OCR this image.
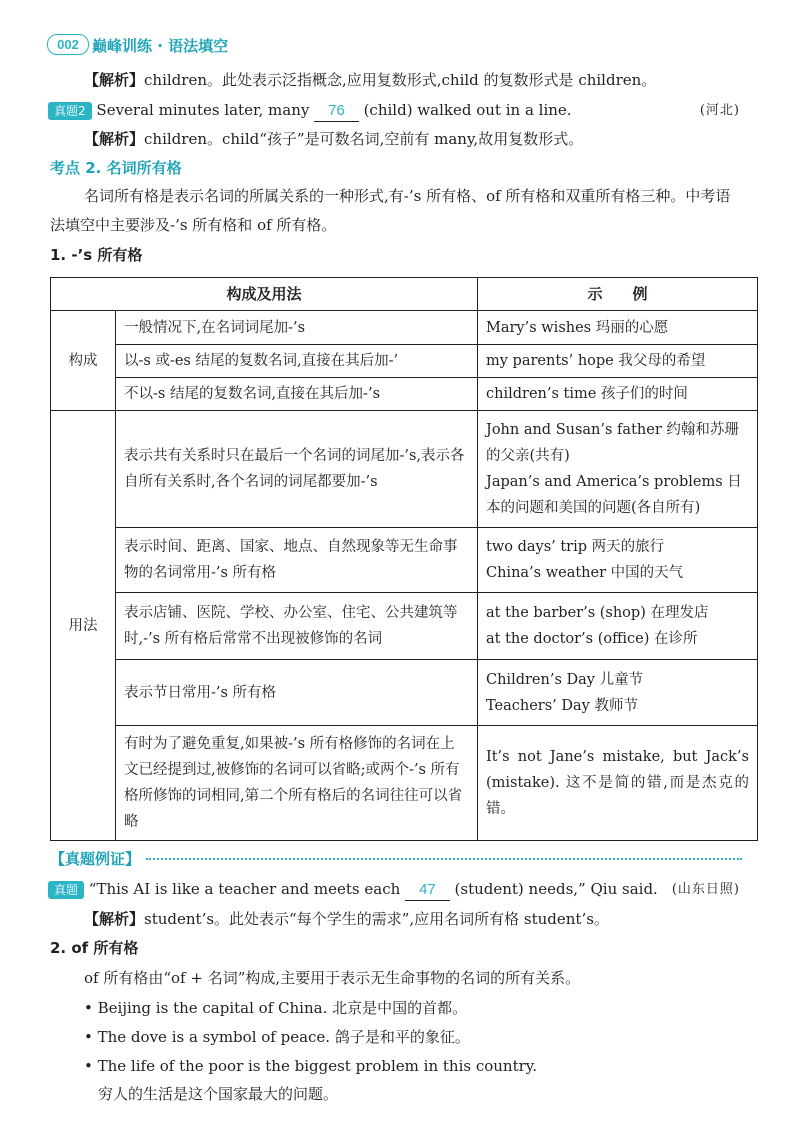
002 巅峰训练 · 语法填空
【解析】children。此处表示泛指概念,应用复数形式,child 的复数形式是 children。
真题2 Several minutes later, many 76 (child) walked out in a line.	(河北)
【解析】children。child“孩子”是可数名词,空前有 many,故用复数形式。
考点 2. 名词所有格
名词所有格是表示名词的所属关系的一种形式,有-’s 所有格、of 所有格和双重所有格三种。中考语法填空中主要涉及-’s 所有格和 of 所有格。
1. -’s 所有格
构成及用法		示　　例
构成	一般情况下,在名词词尾加-’s	Mary’s wishes 玛丽的心愿
	以-s 或-es 结尾的复数名词,直接在其后加-’	my parents’ hope 我父母的希望
	不以-s 结尾的复数名词,直接在其后加-’s	children’s time 孩子们的时间
用法	表示共有关系时只在最后一个名词的词尾加-’s,表示各自所有关系时,各个名词的词尾都要加-’s	John and Susan’s father 约翰和苏珊的父亲(共有)
Japan’s and America’s problems 日本的问题和美国的问题(各自所有)

	表示时间、距离、国家、地点、自然现象等无生命事物的名词常用-’s 所有格	two days’ trip 两天的旅行
China’s weather 中国的天气

	表示店铺、医院、学校、办公室、住宅、公共建筑等时,-’s 所有格后常常不出现被修饰的名词	at the barber’s (shop) 在理发店
at the doctor’s (office) 在诊所

	表示节日常用-’s 所有格	Children’s Day 儿童节
Teachers’ Day 教师节

	有时为了避免重复,如果被-’s 所有格修饰的名词在上文已经提到过,被修饰的名词可以省略;或两个-’s 所有格所修饰的词相同,第二个所有格后的名词往往可以省略	It’s not Jane’s mistake, but Jack’s (mistake). 这不是简的错,而是杰克的错。
【真题例证】
真题 “This AI is like a teacher and meets each 47 (student) needs,” Qiu said. (山东日照)
【解析】student’s。此处表示“每个学生的需求”,应用名词所有格 student’s。
2. of 所有格
of 所有格由“of + 名词”构成,主要用于表示无生命事物的名词的所有关系。
• Beijing is the capital of China. 北京是中国的首都。
• The dove is a symbol of peace. 鸽子是和平的象征。
• The life of the poor is the biggest problem in this country.
穷人的生活是这个国家最大的问题。
